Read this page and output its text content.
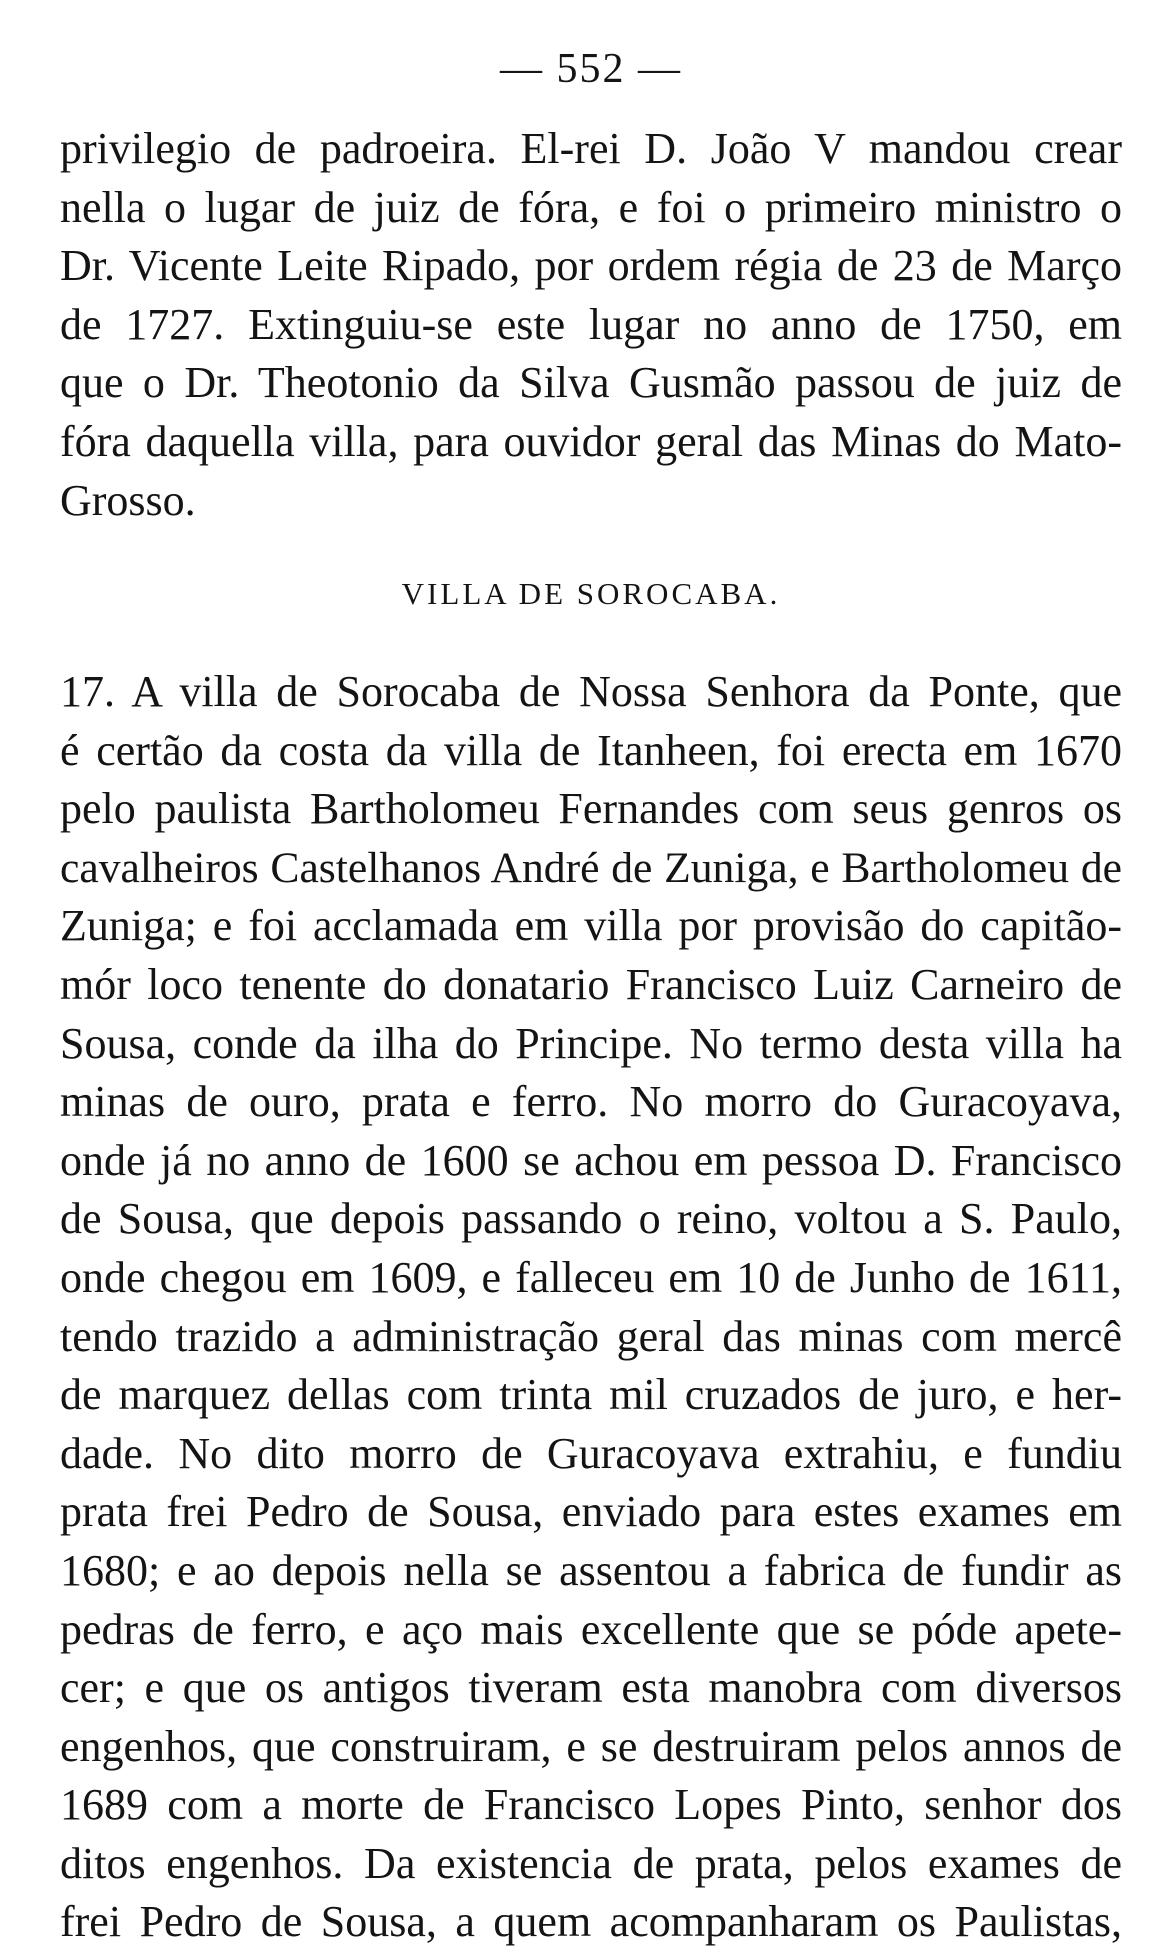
— 552 —
privilegio de padroeira. El-rei D. João V mandou crear
nella o lugar de juiz de fóra, e foi o primeiro ministro o
Dr. Vicente Leite Ripado, por ordem régia de 23 de Março
de 1727. Extinguiu-se este lugar no anno de 1750, em
que o Dr. Theotonio da Silva Gusmão passou de juiz de
fóra daquella villa, para ouvidor geral das Minas do Mato-
Grosso.
VILLA DE SOROCABA.
17. A villa de Sorocaba de Nossa Senhora da Ponte, que
é certão da costa da villa de Itanheen, foi erecta em 1670
pelo paulista Bartholomeu Fernandes com seus genros os
cavalheiros Castelhanos André de Zuniga, e Bartholomeu de
Zuniga; e foi acclamada em villa por provisão do capitão-
mór loco tenente do donatario Francisco Luiz Carneiro de
Sousa, conde da ilha do Principe. No termo desta villa ha
minas de ouro, prata e ferro. No morro do Guracoyava,
onde já no anno de 1600 se achou em pessoa D. Francisco
de Sousa, que depois passando o reino, voltou a S. Paulo,
onde chegou em 1609, e falleceu em 10 de Junho de 1611,
tendo trazido a administração geral das minas com mercê
de marquez dellas com trinta mil cruzados de juro, e her-
dade. No dito morro de Guracoyava extrahiu, e fundiu
prata frei Pedro de Sousa, enviado para estes exames em
1680; e ao depois nella se assentou a fabrica de fundir as
pedras de ferro, e aço mais excellente que se póde apete-
cer; e que os antigos tiveram esta manobra com diversos
engenhos, que construiram, e se destruiram pelos annos de
1689 com a morte de Francisco Lopes Pinto, senhor dos
ditos engenhos. Da existencia de prata, pelos exames de
frei Pedro de Sousa, a quem acompanharam os Paulistas,
